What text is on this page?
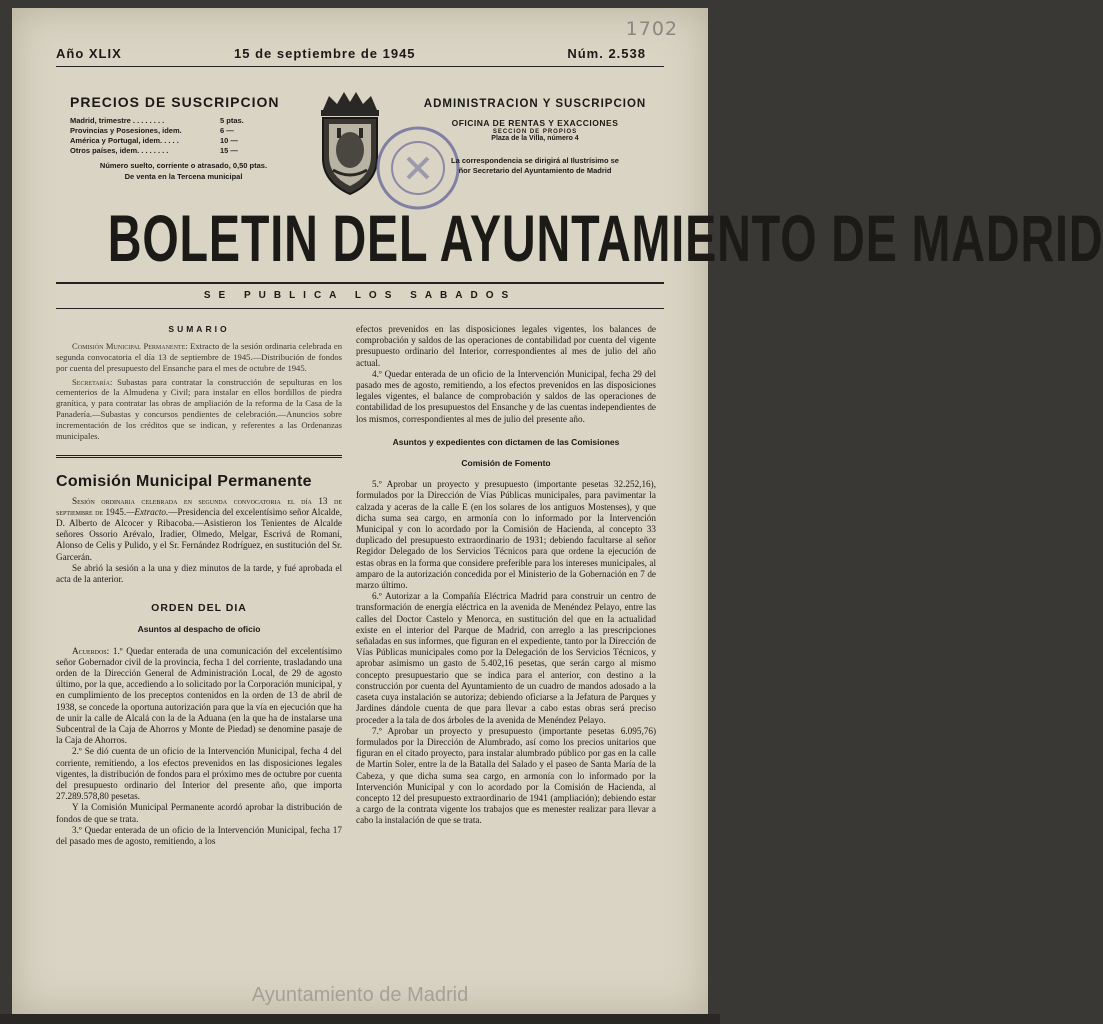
1702
Año XLIX	15 de septiembre de 1945	Núm. 2.538
PRECIOS DE SUSCRIPCION
Madrid, trimestre . . . . . . . .	5 ptas.
Provincias y Posesiones, idem.	6 —
América y Portugal, idem. . . . .	10 —
Otros países, idem. . . . . . . .	15 —
Número suelto, corriente o atrasado, 0,50 ptas.
De venta en la Tercena municipal
ADMINISTRACION Y SUSCRIPCION
OFICINA DE RENTAS Y EXACCIONES
SECCION DE PROPIOS
Plaza de la Villa, número 4
La correspondencia se dirigirá al Ilustrísimo se
ñor Secretario del Ayuntamiento de Madrid
BOLETIN DEL AYUNTAMIENTO DE MADRID
SE PUBLICA LOS SABADOS
SUMARIO

Comisión Municipal Permanente: Extracto de la sesión ordinaria celebrada en segunda convocatoria el día 13 de septiembre de 1945.—Distribución de fondos por cuenta del presupuesto del Ensanche para el mes de octubre de 1945.

Secretaría: Subastas para contratar la construcción de sepulturas en los cementerios de la Almudena y Civil; para instalar en ellos bordillos de piedra granítica, y para contratar las obras de ampliación de la reforma de la Casa de la Panadería.—Subastas y concursos pendientes de celebración.—Anuncios sobre incrementación de los créditos que se indican, y referentes a las Ordenanzas municipales.

Comisión Municipal Permanente

Sesión ordinaria celebrada en segunda convocatoria el día 13 de septiembre de 1945.—Extracto.—Presidencia del excelentísimo señor Alcalde, D. Alberto de Alcocer y Ribacoba.—Asistieron los Tenientes de Alcalde señores Ossorio Arévalo, Iradier, Olmedo, Melgar, Escrivá de Romaní, Alonso de Celis y Pulido, y el Sr. Fernández Rodríguez, en sustitución del Sr. Garcerán.

Se abrió la sesión a la una y diez minutos de la tarde, y fué aprobada el acta de la anterior.

ORDEN DEL DIA
Asuntos al despacho de oficio

Acuerdos: 1.º Quedar enterada de una comunicación del excelentísimo señor Gobernador civil de la provincia, fecha 1 del corriente, trasladando una orden de la Dirección General de Administración Local, de 29 de agosto último, por la que, accediendo a lo solicitado por la Corporación municipal, y en cumplimiento de los preceptos contenidos en la orden de 13 de abril de 1938, se concede la oportuna autorización para que la vía en ejecución que ha de unir la calle de Alcalá con la de la Aduana (en la que ha de instalarse una Subcentral de la Caja de Ahorros y Monte de Piedad) se denomine pasaje de la Caja de Ahorros.

2.º Se dió cuenta de un oficio de la Intervención Municipal, fecha 4 del corriente, remitiendo, a los efectos prevenidos en las disposiciones legales vigentes, la distribución de fondos para el próximo mes de octubre por cuenta del presupuesto ordinario del Interior del presente año, que importa 27.289.578,80 pesetas.

Y la Comisión Municipal Permanente acordó aprobar la distribución de fondos de que se trata.

3.º Quedar enterada de un oficio de la Intervención Municipal, fecha 17 del pasado mes de agosto, remitiendo, a los

efectos prevenidos en las disposiciones legales vigentes, los balances de comprobación y saldos de las operaciones de contabilidad por cuenta del vigente presupuesto ordinario del Interior, correspondientes al mes de julio del año actual.

4.º Quedar enterada de un oficio de la Intervención Municipal, fecha 29 del pasado mes de agosto, remitiendo, a los efectos prevenidos en las disposiciones legales vigentes, el balance de comprobación y saldos de las operaciones de contabilidad de los presupuestos del Ensanche y de las cuentas independientes de los mismos, correspondientes al mes de julio del presente año.

Asuntos y expedientes con dictamen de las Comisiones
Comisión de Fomento

5.º Aprobar un proyecto y presupuesto (importante pesetas 32.252,16), formulados por la Dirección de Vías Públicas municipales, para pavimentar la calzada y aceras de la calle E (en los solares de los antiguos Mostenses), y que dicha suma sea cargo, en armonía con lo informado por la Intervención Municipal y con lo acordado por la Comisión de Hacienda, al concepto 33 duplicado del presupuesto extraordinario de 1931; debiendo facultarse al señor Regidor Delegado de los Servicios Técnicos para que ordene la ejecución de estas obras en la forma que considere preferible para los intereses municipales, al amparo de la autorización concedida por el Ministerio de la Gobernación en 7 de marzo último.

6.º Autorizar a la Compañía Eléctrica Madrid para construir un centro de transformación de energía eléctrica en la avenida de Menéndez Pelayo, entre las calles del Doctor Castelo y Menorca, en sustitución del que en la actualidad existe en el interior del Parque de Madrid, con arreglo a las prescripciones señaladas en sus informes, que figuran en el expediente, tanto por la Dirección de Vías Públicas municipales como por la Delegación de los Servicios Técnicos, y aprobar asimismo un gasto de 5.402,16 pesetas, que serán cargo al mismo concepto presupuestario que se indica para el anterior, con destino a la construcción por cuenta del Ayuntamiento de un cuadro de mandos adosado a la caseta cuya instalación se autoriza; debiendo oficiarse a la Jefatura de Parques y Jardines dándole cuenta de que para llevar a cabo estas obras será preciso proceder a la tala de dos árboles de la avenida de Menéndez Pelayo.

7.º Aprobar un proyecto y presupuesto (importante pesetas 6.095,76) formulados por la Dirección de Alumbrado, así como los precios unitarios que figuran en el citado proyecto, para instalar alumbrado público por gas en la calle de Martín Soler, entre la de la Batalla del Salado y el paseo de Santa María de la Cabeza, y que dicha suma sea cargo, en armonía con lo informado por la Intervención Municipal y con lo acordado por la Comisión de Hacienda, al concepto 12 del presupuesto extraordinario de 1941 (ampliación); debiendo estar a cargo de la contrata vigente los trabajos que es menester realizar para llevar a cabo la instalación de que se trata.

Ayuntamiento de Madrid
